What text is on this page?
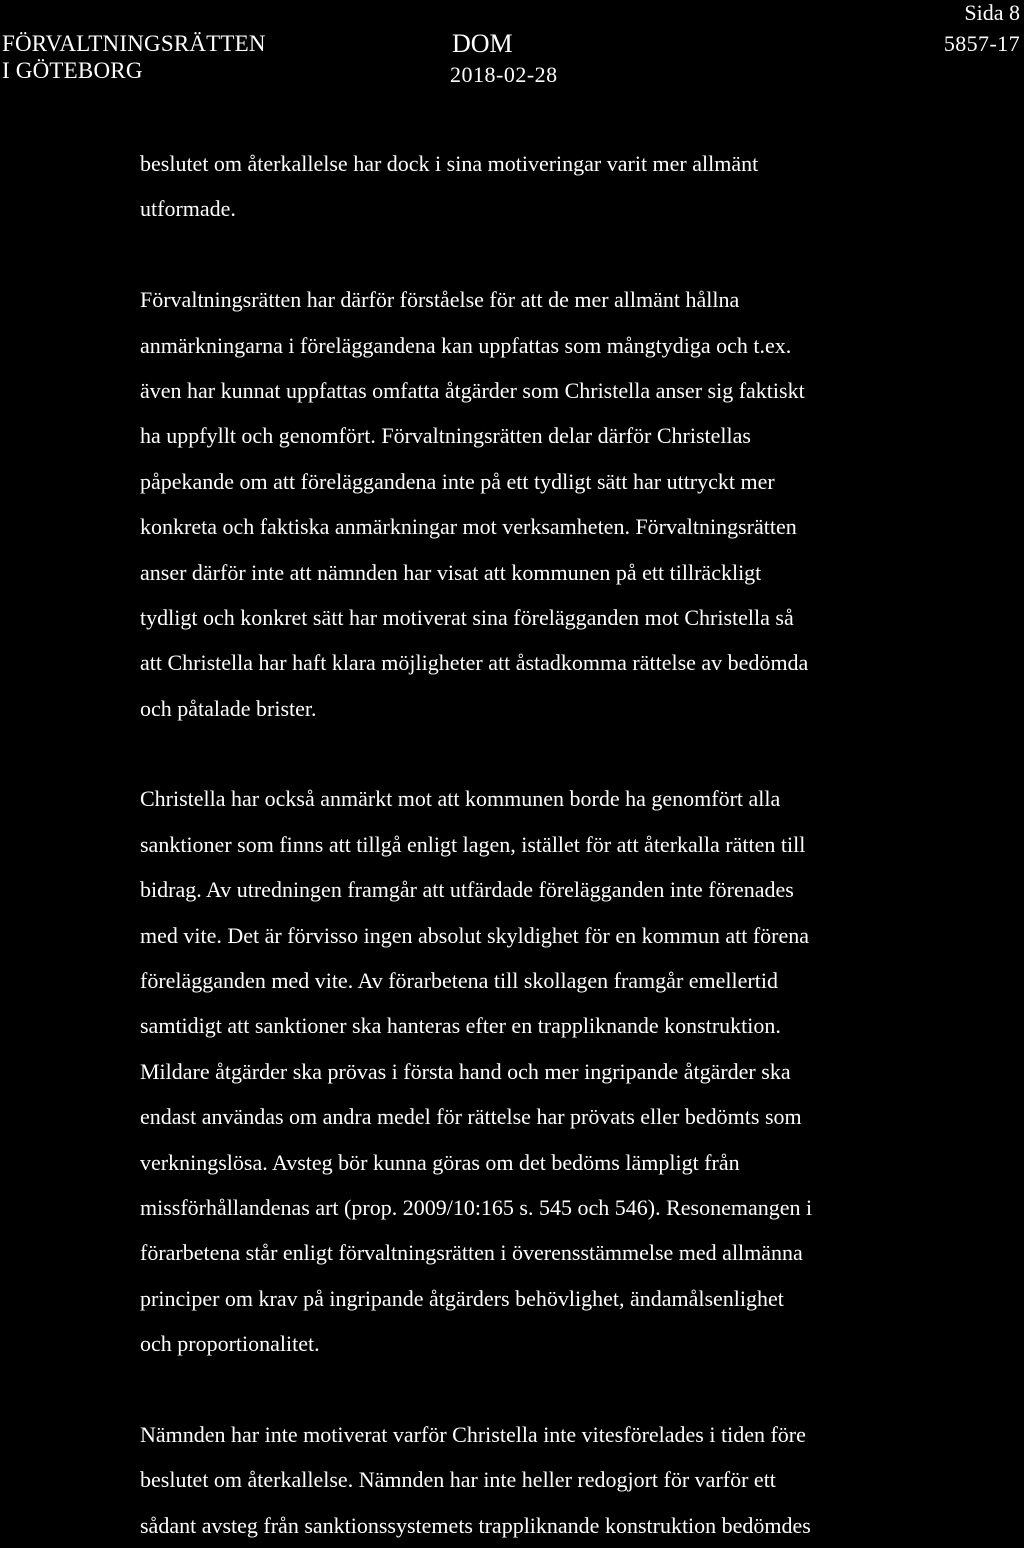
FÖRVALTNINGSRÄTTEN
I GÖTEBORG
DOM
2018-02-28
Sida 8
5857-17
beslutet om återkallelse har dock i sina motiveringar varit mer allmänt
utformade.
Förvaltningsrätten har därför förståelse för att de mer allmänt hållna
anmärkningarna i föreläggandena kan uppfattas som mångtydiga och t.ex.
även har kunnat uppfattas omfatta åtgärder som Christella anser sig faktiskt
ha uppfyllt och genomfört. Förvaltningsrätten delar därför Christellas
påpekande om att föreläggandena inte på ett tydligt sätt har uttryckt mer
konkreta och faktiska anmärkningar mot verksamheten. Förvaltningsrätten
anser därför inte att nämnden har visat att kommunen på ett tillräckligt
tydligt och konkret sätt har motiverat sina förelägganden mot Christella så
att Christella har haft klara möjligheter att åstadkomma rättelse av bedömda
och påtalade brister.
Christella har också anmärkt mot att kommunen borde ha genomfört alla
sanktioner som finns att tillgå enligt lagen, istället för att återkalla rätten till
bidrag. Av utredningen framgår att utfärdade förelägganden inte förenades
med vite. Det är förvisso ingen absolut skyldighet för en kommun att förena
förelägganden med vite. Av förarbetena till skollagen framgår emellertid
samtidigt att sanktioner ska hanteras efter en trappliknande konstruktion.
Mildare åtgärder ska prövas i första hand och mer ingripande åtgärder ska
endast användas om andra medel för rättelse har prövats eller bedömts som
verkningslösa. Avsteg bör kunna göras om det bedöms lämpligt från
missförhållandenas art (prop. 2009/10:165 s. 545 och 546). Resonemangen i
förarbetena står enligt förvaltningsrätten i överensstämmelse med allmänna
principer om krav på ingripande åtgärders behövlighet, ändamålsenlighet
och proportionalitet.
Nämnden har inte motiverat varför Christella inte vitesförelades i tiden före
beslutet om återkallelse. Nämnden har inte heller redogjort för varför ett
sådant avsteg från sanktionssystemets trappliknande konstruktion bedömdes
